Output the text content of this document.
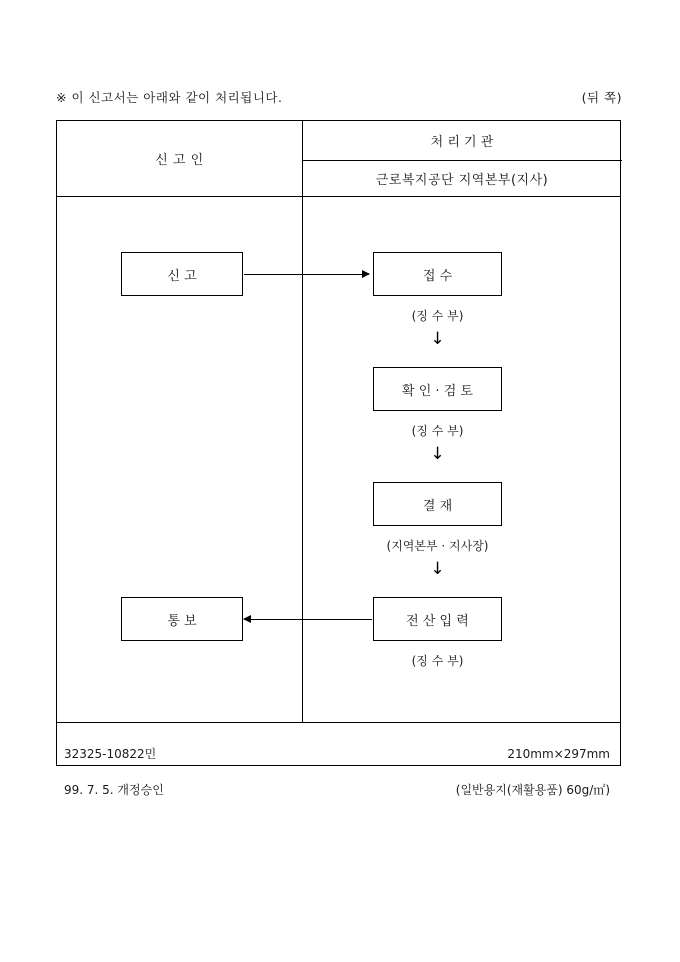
※ 이 신고서는 아래와 같이 처리됩니다.	(뒤 쪽)
신 고 인
처 리 기 관
근로복지공단 지역본부(지사)
신 고	접 수
(징 수 부)
↓
확 인 · 검 토
(징 수 부)
↓
결 재
(지역본부 · 지사장)
↓
전 산 입 력
(징 수 부)
통 보

32325-10822민

99. 7. 5. 개정승인

210mm×297mm

(일반용지(재활용품) 60g/㎡)
